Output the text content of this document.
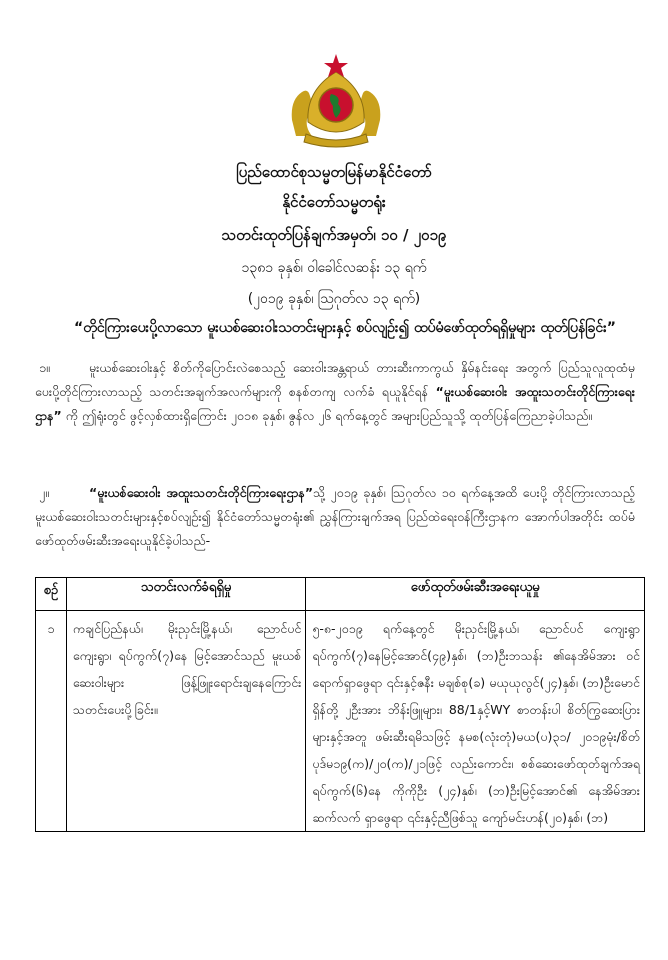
ပြည်ထောင်စုသမ္မတမြန်မာနိုင်ငံတော်
နိုင်ငံတော်သမ္မတရုံး
သတင်းထုတ်ပြန်ချက်အမှတ်၊ ၁၀ / ၂၀၁၉
၁၃၈၁ ခုနှစ်၊ ဝါခေါင်လဆန်း ၁၃ ရက်
(၂၀၁၉ ခုနှစ်၊ ဩဂုတ်လ ၁၃ ရက်)
“တိုင်ကြားပေးပို့လာသော မူးယစ်ဆေးဝါးသတင်းများနှင့် စပ်လျဉ်း၍ ထပ်မံဖော်ထုတ်ရရှိမှုများ ထုတ်ပြန်ခြင်း”
၁။	မူးယစ်ဆေးဝါးနှင့် စိတ်ကိုပြောင်းလဲစေသည့် ဆေးဝါးအန္တရာယ် တားဆီးကာကွယ် နှိမ်နင်းရေး အတွက် ပြည်သူလူထုထံမှ ပေးပို့တိုင်ကြားလာသည့် သတင်းအချက်အလက်များကို စနစ်တကျ လက်ခံ ရယူနိုင်ရန် “မူးယစ်ဆေးဝါး အထူးသတင်းတိုင်ကြားရေးဌာန” ကို ဤရုံးတွင် ဖွင့်လှစ်ထားရှိကြောင်း ၂၀၁၈ ခုနှစ်၊ ဇွန်လ ၂၆ ရက်နေ့တွင် အများပြည်သူသို့ ထုတ်ပြန်ကြေညာခဲ့ပါသည်။
၂။	“မူးယစ်ဆေးဝါး အထူးသတင်းတိုင်ကြားရေးဌာန”သို့ ၂၀၁၉ ခုနှစ်၊ ဩဂုတ်လ ၁၀ ရက်နေ့အထိ ပေးပို့ တိုင်ကြားလာသည့် မူးယစ်ဆေးဝါးသတင်းများနှင့်စပ်လျဉ်း၍ နိုင်ငံတော်သမ္မတရုံး၏ ညွှန်ကြားချက်အရ ပြည်ထဲရေးဝန်ကြီးဌာနက အောက်ပါအတိုင်း ထပ်မံဖော်ထုတ်ဖမ်းဆီးအရေးယူနိုင်ခဲ့ပါသည်-
စဉ်	သတင်းလက်ခံရရှိမှု	ဖော်ထုတ်ဖမ်းဆီးအရေးယူမှု
၁	ကချင်ပြည်နယ်၊ မိုးညှင်းမြို့နယ်၊ ညောင်ပင် ကျေးရွာ၊ ရပ်ကွက်(၇)နေ မြင့်အောင်သည် မူးယစ်ဆေးဝါးများ ဖြန့်ဖြူးရောင်းချနေကြောင်း သတင်းပေးပို့ခြင်း။	၅-၈-၂၀၁၉ ရက်နေ့တွင် မိုးညှင်းမြို့နယ်၊ ညောင်ပင် ကျေးရွာရပ်ကွက်(၇)နေမြင့်အောင်(၄၉)နှစ်၊ (ဘ)ဦးဘသန်း ၏နေအိမ်အား ဝင်ရောက်ရှာဖွေရာ ၎င်းနှင့်ဇနီး မချစ်စု(ခ) မယုယုလွင်(၂၄)နှစ်၊ (ဘ)ဦးမောင်ရှိန်တို့ ၂ဦးအား ဘိန်းဖြူများ၊ 88/1နှင့်WY စာတန်းပါ စိတ်ကြွဆေးပြား များနှင့်အတူ ဖမ်းဆီးရမိသဖြင့် နမစ(လုံးတုံ)မယ(ပ)၃၁/ ၂၀၁၉မုံး/စိတ်ပုဒ်မ၁၉(က)/၂၀(က)/၂၁ဖြင့် လည်းကောင်း၊ စစ်ဆေးဖော်ထုတ်ချက်အရ ရပ်ကွက်(၆)နေ ကိုကိုဦး (၂၄)နှစ်၊ (ဘ)ဦးမြင့်အောင်၏ နေအိမ်အား ဆက်လက် ရှာဖွေရာ ၎င်းနှင့်ညီဖြစ်သူ ကျော်မင်းဟန်(၂၀)နှစ်၊ (ဘ)
